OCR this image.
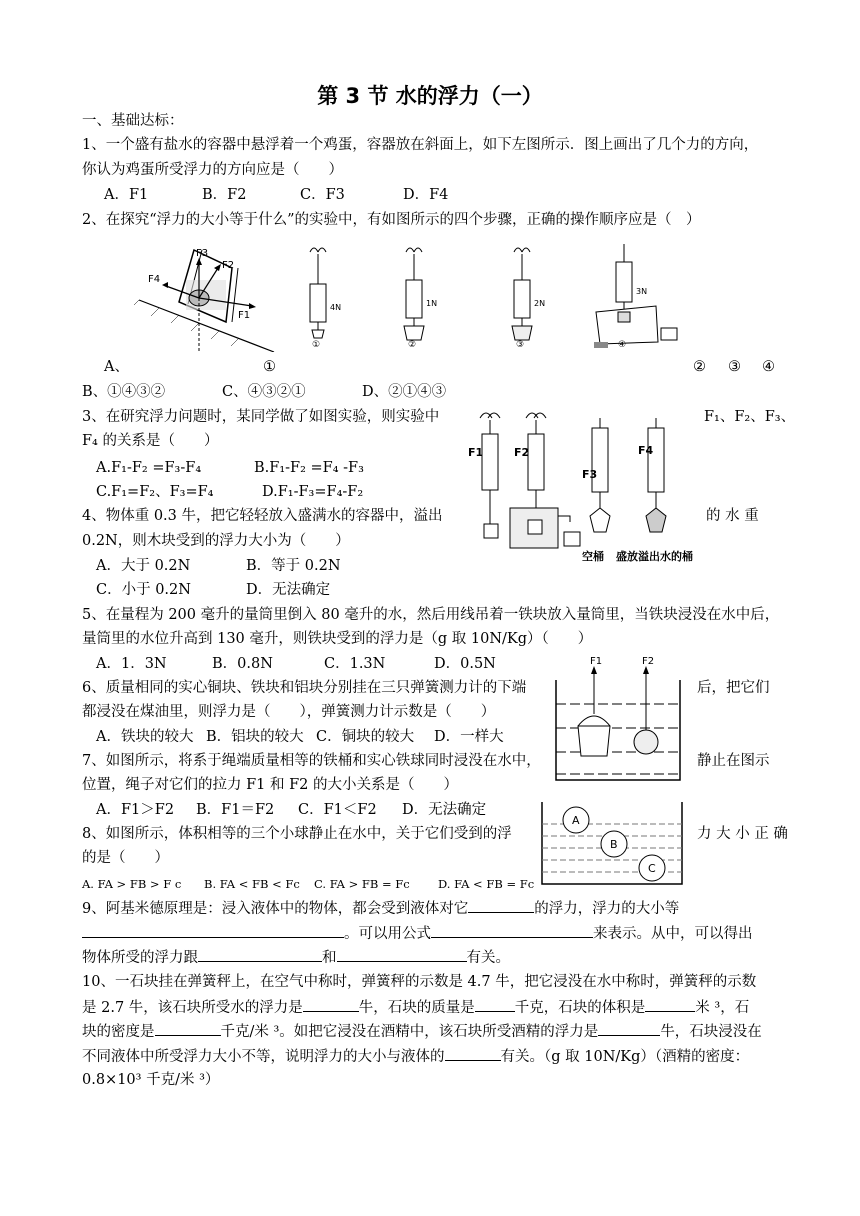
第 3 节 水的浮力（一）
一、基础达标：
1、一个盛有盐水的容器中悬浮着一个鸡蛋，容器放在斜面上，如下左图所示．图上画出了几个力的方向，
你认为鸡蛋所受浮力的方向应是（　　）
A．F1	B．F2	C．F3	D．F4
2、在探究“浮力的大小等于什么”的实验中，有如图所示的四个步骤，正确的操作顺序应是（　）
F3
F2
F4
F1
4N
①
1N
②
2N
③
3N
④
A、	①	② ③ ④
B、①④③②	C、④③②①	D、②①④③
3、在研究浮力问题时，某同学做了如图实验，则实验中	F₁、F₂、F₃、
F₄ 的关系是（　　）
A.F₁-F₂ =F₃-F₄	B.F₁-F₂ =F₄ -F₃
C.F₁=F₂、F₃=F₄	D.F₁-F₃=F₄-F₂
F1	F2
F3
F4
空桶 盛放溢出水的桶
4、物体重 0.3 牛，把它轻轻放入盛满水的容器中，溢出	的 水 重
0.2N，则木块受到的浮力大小为（　　）
A．大于 0.2N	B．等于 0.2N
C．小于 0.2N	D．无法确定
5、在量程为 200 毫升的量筒里倒入 80 毫升的水，然后用线吊着一铁块放入量筒里，当铁块浸没在水中后，
量筒里的水位升高到 130 毫升，则铁块受到的浮力是（g 取 10N/Kg）（　　）
A．1．3N	B．0.8N	C．1.3N	D．0.5N
6、质量相同的实心铜块、铁块和铝块分别挂在三只弹簧测力计的下端	后，把它们
都浸没在煤油里，则浮力是（　　），弹簧测力计示数是（　　）
A．铁块的较大 B．铝块的较大 C．铜块的较大 D．一样大
F1	F2
7、如图所示，将系于绳端质量相等的铁桶和实心铁球同时浸没在水中，	静止在图示
位置，绳子对它们的拉力 F1 和 F2 的大小关系是（　　）
A．F1＞F2 B．F1＝F2 C．F1＜F2 D．无法确定
A
B
C
8、如图所示，体积相等的三个小球静止在水中，关于它们受到的浮	力 大 小 正 确
的是（　　）
A. FA > FB > F c B. FA < FB < Fc C. FA > FB = Fc D. FA < FB = Fc
9、阿基米德原理是：浸入液体中的物体，都会受到液体对它	的浮力，浮力的大小等
。可以用公式	来表示。从中，可以得出
物体所受的浮力跟	和	有关。
10、一石块挂在弹簧秤上，在空气中称时，弹簧秤的示数是 4.7 牛，把它浸没在水中称时，弹簧秤的示数
是 2.7 牛，该石块所受水的浮力是	牛，石块的质量是	千克，石块的体积是	米 ³，石
块的密度是	千克/米 ³。如把它浸没在酒精中，该石块所受酒精的浮力是	牛，石块浸没在
不同液体中所受浮力大小不等，说明浮力的大小与液体的	有关。（g 取 10N/Kg）（酒精的密度：
0.8×10³ 千克/米 ³）
